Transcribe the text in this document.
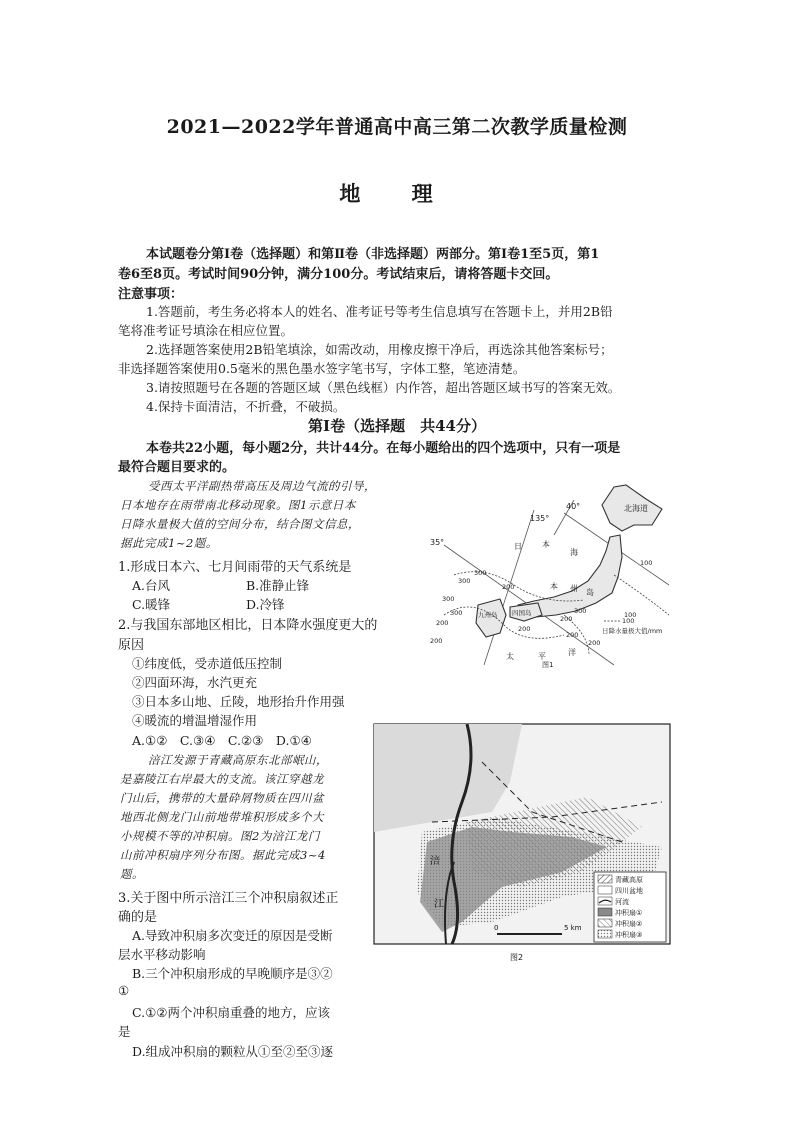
2021—2022学年普通高中高三第二次教学质量检测
地 理
本试题卷分第Ⅰ卷（选择题）和第Ⅱ卷（非选择题）两部分。第Ⅰ卷1至5页，第1
卷6至8页。考试时间90分钟，满分100分。考试结束后，请将答题卡交回。
注意事项：
1.答题前，考生务必将本人的姓名、准考证号等考生信息填写在答题卡上，并用2B铅
笔将准考证号填涂在相应位置。
2.选择题答案使用2B铅笔填涂，如需改动，用橡皮擦干净后，再选涂其他答案标号；
非选择题答案使用0.5毫米的黑色墨水签字笔书写，字体工整，笔迹清楚。
3.请按照题号在各题的答题区域（黑色线框）内作答，超出答题区域书写的答案无效。
4.保持卡面清洁，不折叠，不破损。
第Ⅰ卷（选择题　共44分）
本卷共22小题，每小题2分，共计44分。在每小题给出的四个选项中，只有一项是
最符合题目要求的。
受西太平洋副热带高压及周边气流的引导，
日本地存在雨带南北移动现象。图1示意日本
日降水量极大值的空间分布，结合图文信息，
据此完成1~2题。
1.形成日本六、七月间雨带的天气系统是
A.台风	B.准静止锋
C.暖锋	D.冷锋
2.与我国东部地区相比，日本降水强度更大的
原因
①纬度低，受赤道低压控制
②四面环海，水汽更充
③日本多山地、丘陵，地形抬升作用强
④暖流的增温增湿作用
A.①②　C.③④　C.②③　D.①④
涪江发源于青藏高原东北部岷山，
是嘉陵江右岸最大的支流。该江穿越龙
门山后，携带的大量砕屑物质在四川盆
地西北侧龙门山前地带堆积形成多个大
小规模不等的冲积扇。图2为涪江龙门
山前冲积扇序列分布图。据此完成3~4
题。
3.关于图中所示涪江三个冲积扇叙述正
确的是
A.导致冲积扇多次变迁的原因是受断
层水平移动影响
B.三个冲积扇形成的早晚顺序是③②
①
C.①②两个冲积扇重叠的地方，应该
是
D.组成冲积扇的颗粒从①至②至③逐
40°
35°
135°
北海道
日	本
海
本 州 岛
九州岛 四国岛
太	平	洋
100
300
300
300
300
200
200
200
200
200
300
200
200
100
100
日降水量极大值/mm
图1
涪
江
0	5 km
青藏高原
四川盆地
河流
冲积扇①
冲积扇②
冲积扇③
图2
